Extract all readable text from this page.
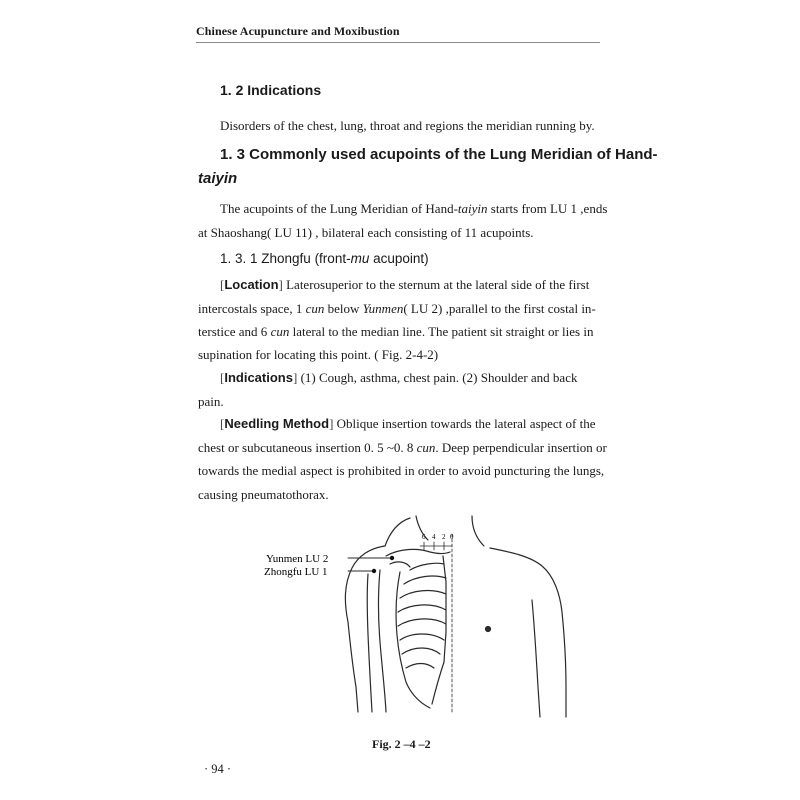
Chinese Acupuncture and Moxibustion
1. 2 Indications
Disorders of the chest, lung, throat and regions the meridian running by.
1. 3 Commonly used acupoints of the Lung Meridian of Hand-
taiyin
The acupoints of the Lung Meridian of Hand-taiyin starts from LU 1 ,ends
at Shaoshang( LU 11) , bilateral each consisting of 11 acupoints.
1. 3. 1 Zhongfu (front-mu acupoint)
[Location] Laterosuperior to the sternum at the lateral side of the first
intercostals space, 1 cun below Yunmen( LU 2) ,parallel to the first costal in-
terstice and 6 cun lateral to the median line. The patient sit straight or lies in
supination for locating this point. ( Fig. 2-4-2)
[Indications] (1) Cough, asthma, chest pain. (2) Shoulder and back
pain.
[Needling Method] Oblique insertion towards the lateral aspect of the
chest or subcutaneous insertion 0. 5 ~0. 8 cun. Deep perpendicular insertion or
towards the medial aspect is prohibited in order to avoid puncturing the lungs,
causing pneumatothorax.
6 4 2 0
Yunmen LU 2
Zhongfu LU 1
Fig. 2 –4 –2
· 94 ·
